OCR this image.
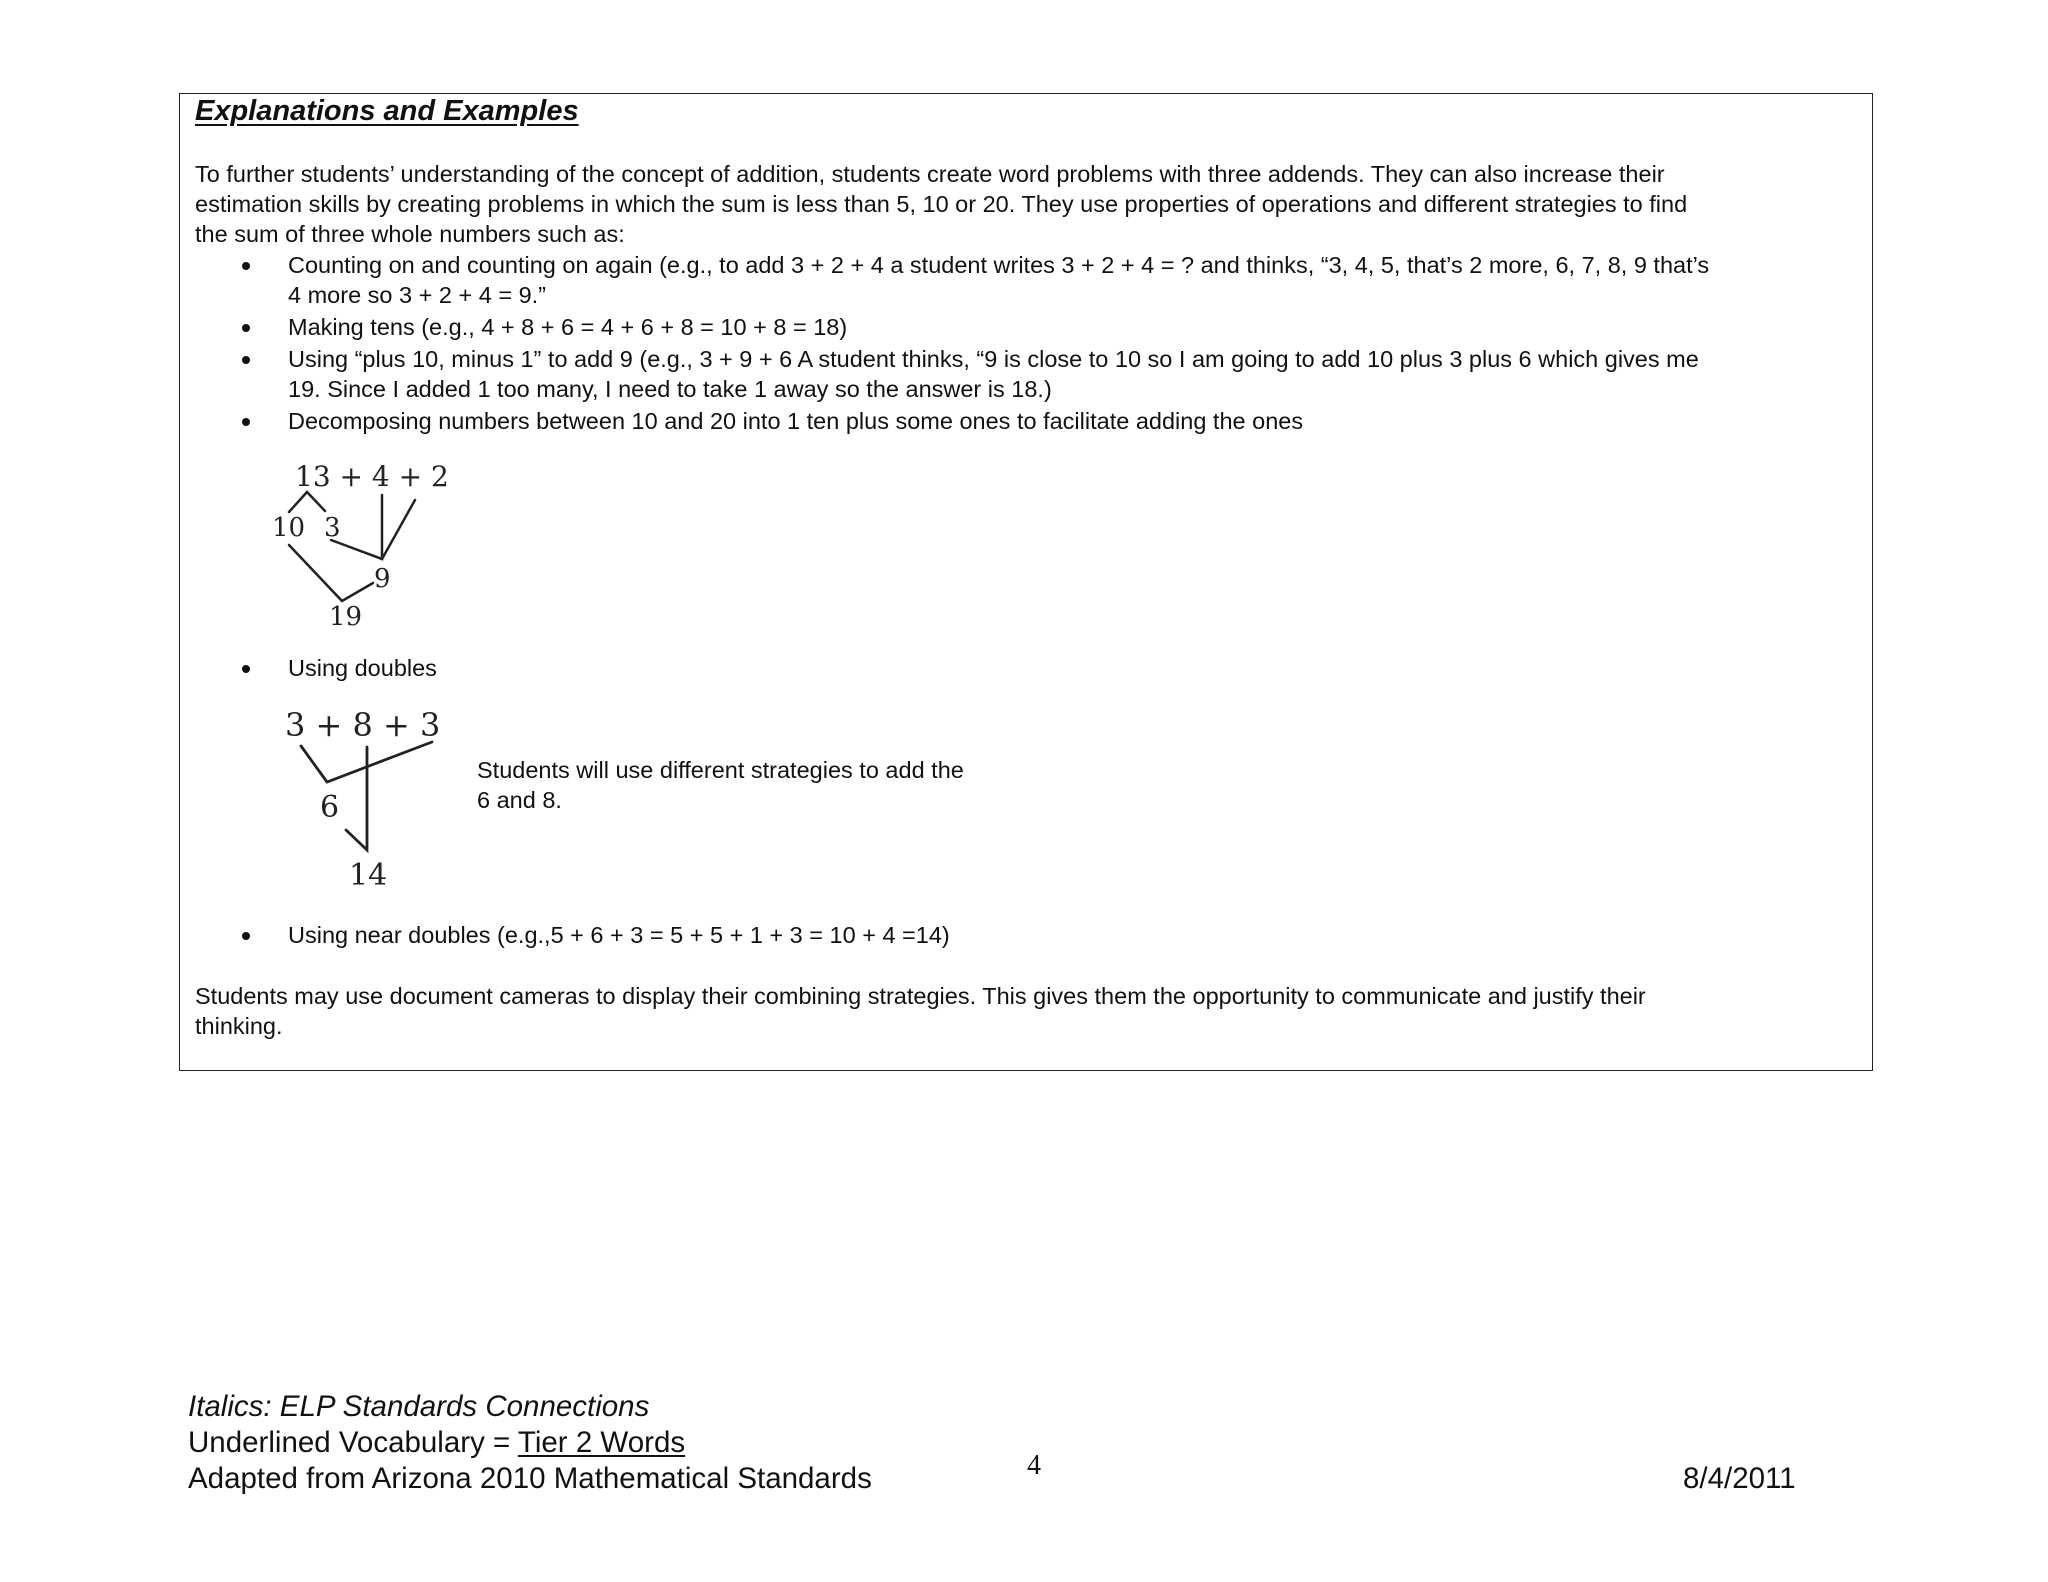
Explanations and Examples
To further students’ understanding of the concept of addition, students create word problems with three addends. They can also increase their
estimation skills by creating problems in which the sum is less than 5, 10 or 20. They use properties of operations and different strategies to find
the sum of three whole numbers such as:
Counting on and counting on again (e.g., to add 3 + 2 + 4 a student writes 3 + 2 + 4 = ? and thinks, “3, 4, 5, that’s 2 more, 6, 7, 8, 9 that’s
4 more so 3 + 2 + 4 = 9.”
Making tens (e.g., 4 + 8 + 6 = 4 + 6 + 8 = 10 + 8 = 18)
Using “plus 10, minus 1” to add 9 (e.g., 3 + 9 + 6 A student thinks, “9 is close to 10 so I am going to add 10 plus 3 plus 6 which gives me
19. Since I added 1 too many, I need to take 1 away so the answer is 18.)
Decomposing numbers between 10 and 20 into 1 ten plus some ones to facilitate adding the ones
13 + 4 + 2
10 3
9
19
Using doubles
3 + 8 + 3
6
14
Students will use different strategies to add the
6 and 8.
Using near doubles (e.g.,5 + 6 + 3 = 5 + 5 + 1 + 3 = 10 + 4 =14)
Students may use document cameras to display their combining strategies. This gives them the opportunity to communicate and justify their
thinking.
Italics: ELP Standards Connections
Underlined Vocabulary = Tier 2 Words
Adapted from Arizona 2010 Mathematical Standards	4	8/4/2011
